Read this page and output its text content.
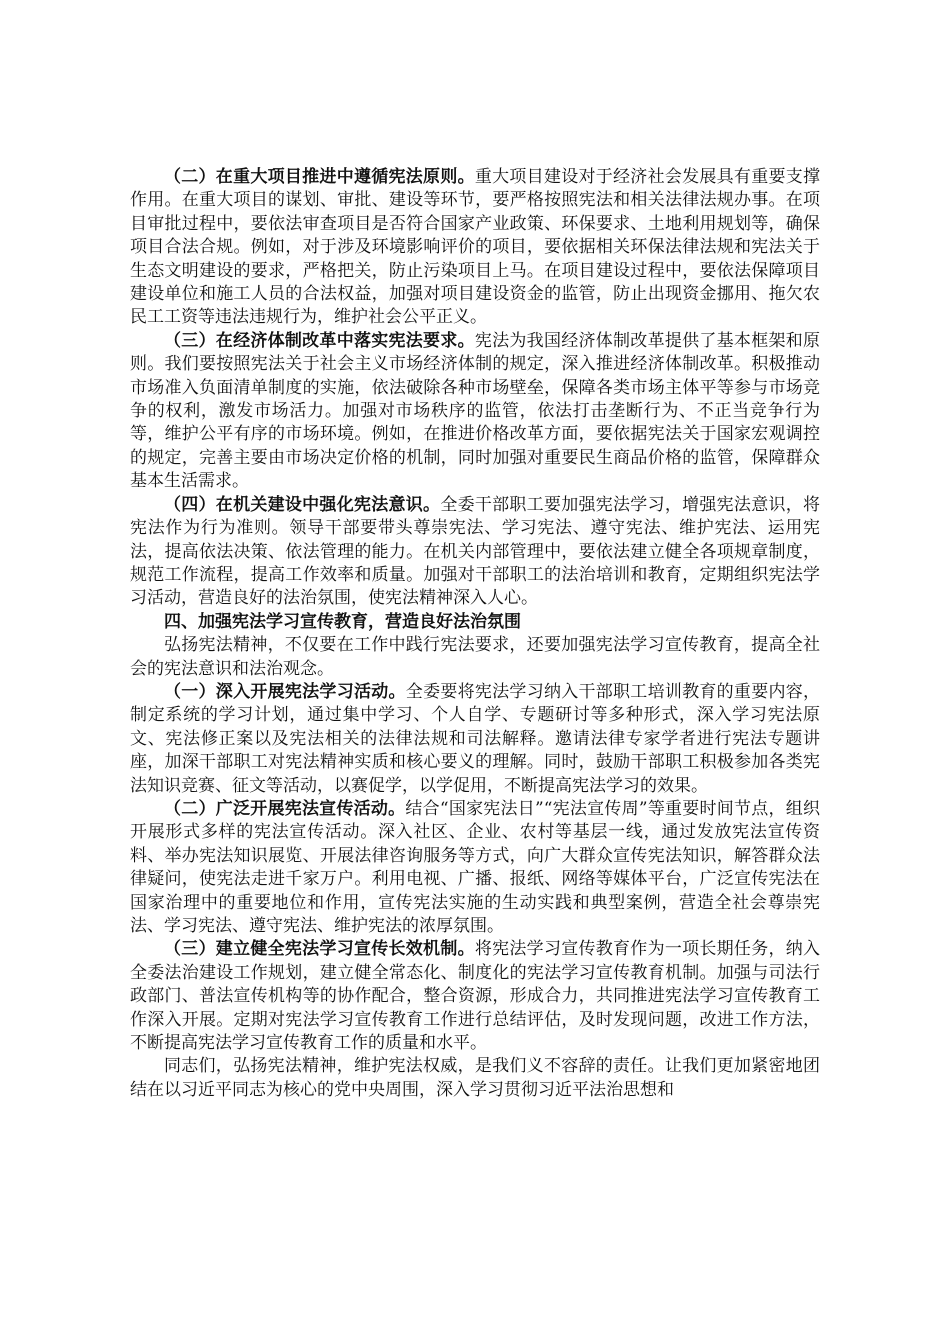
（二）在重大项目推进中遵循宪法原则。重大项目建设对于经济社会发展具有重要支撑作用。在重大项目的谋划、审批、建设等环节，要严格按照宪法和相关法律法规办事。在项目审批过程中，要依法审查项目是否符合国家产业政策、环保要求、土地利用规划等，确保项目合法合规。例如，对于涉及环境影响评价的项目，要依据相关环保法律法规和宪法关于生态文明建设的要求，严格把关，防止污染项目上马。在项目建设过程中，要依法保障项目建设单位和施工人员的合法权益，加强对项目建设资金的监管，防止出现资金挪用、拖欠农民工工资等违法违规行为，维护社会公平正义。

（三）在经济体制改革中落实宪法要求。宪法为我国经济体制改革提供了基本框架和原则。我们要按照宪法关于社会主义市场经济体制的规定，深入推进经济体制改革。积极推动市场准入负面清单制度的实施，依法破除各种市场壁垒，保障各类市场主体平等参与市场竞争的权利，激发市场活力。加强对市场秩序的监管，依法打击垄断行为、不正当竞争行为等，维护公平有序的市场环境。例如，在推进价格改革方面，要依据宪法关于国家宏观调控的规定，完善主要由市场决定价格的机制，同时加强对重要民生商品价格的监管，保障群众基本生活需求。

（四）在机关建设中强化宪法意识。全委干部职工要加强宪法学习，增强宪法意识，将宪法作为行为准则。领导干部要带头尊崇宪法、学习宪法、遵守宪法、维护宪法、运用宪法，提高依法决策、依法管理的能力。在机关内部管理中，要依法建立健全各项规章制度，规范工作流程，提高工作效率和质量。加强对干部职工的法治培训和教育，定期组织宪法学习活动，营造良好的法治氛围，使宪法精神深入人心。

四、加强宪法学习宣传教育，营造良好法治氛围

弘扬宪法精神，不仅要在工作中践行宪法要求，还要加强宪法学习宣传教育，提高全社会的宪法意识和法治观念。

（一）深入开展宪法学习活动。全委要将宪法学习纳入干部职工培训教育的重要内容，制定系统的学习计划，通过集中学习、个人自学、专题研讨等多种形式，深入学习宪法原文、宪法修正案以及宪法相关的法律法规和司法解释。邀请法律专家学者进行宪法专题讲座，加深干部职工对宪法精神实质和核心要义的理解。同时，鼓励干部职工积极参加各类宪法知识竞赛、征文等活动，以赛促学，以学促用，不断提高宪法学习的效果。

（二）广泛开展宪法宣传活动。结合“国家宪法日”“宪法宣传周”等重要时间节点，组织开展形式多样的宪法宣传活动。深入社区、企业、农村等基层一线，通过发放宪法宣传资料、举办宪法知识展览、开展法律咨询服务等方式，向广大群众宣传宪法知识，解答群众法律疑问，使宪法走进千家万户。利用电视、广播、报纸、网络等媒体平台，广泛宣传宪法在国家治理中的重要地位和作用，宣传宪法实施的生动实践和典型案例，营造全社会尊崇宪法、学习宪法、遵守宪法、维护宪法的浓厚氛围。

（三）建立健全宪法学习宣传长效机制。将宪法学习宣传教育作为一项长期任务，纳入全委法治建设工作规划，建立健全常态化、制度化的宪法学习宣传教育机制。加强与司法行政部门、普法宣传机构等的协作配合，整合资源，形成合力，共同推进宪法学习宣传教育工作深入开展。定期对宪法学习宣传教育工作进行总结评估，及时发现问题，改进工作方法，不断提高宪法学习宣传教育工作的质量和水平。

同志们，弘扬宪法精神，维护宪法权威，是我们义不容辞的责任。让我们更加紧密地团结在以习近平同志为核心的党中央周围，深入学习贯彻习近平法治思想和
